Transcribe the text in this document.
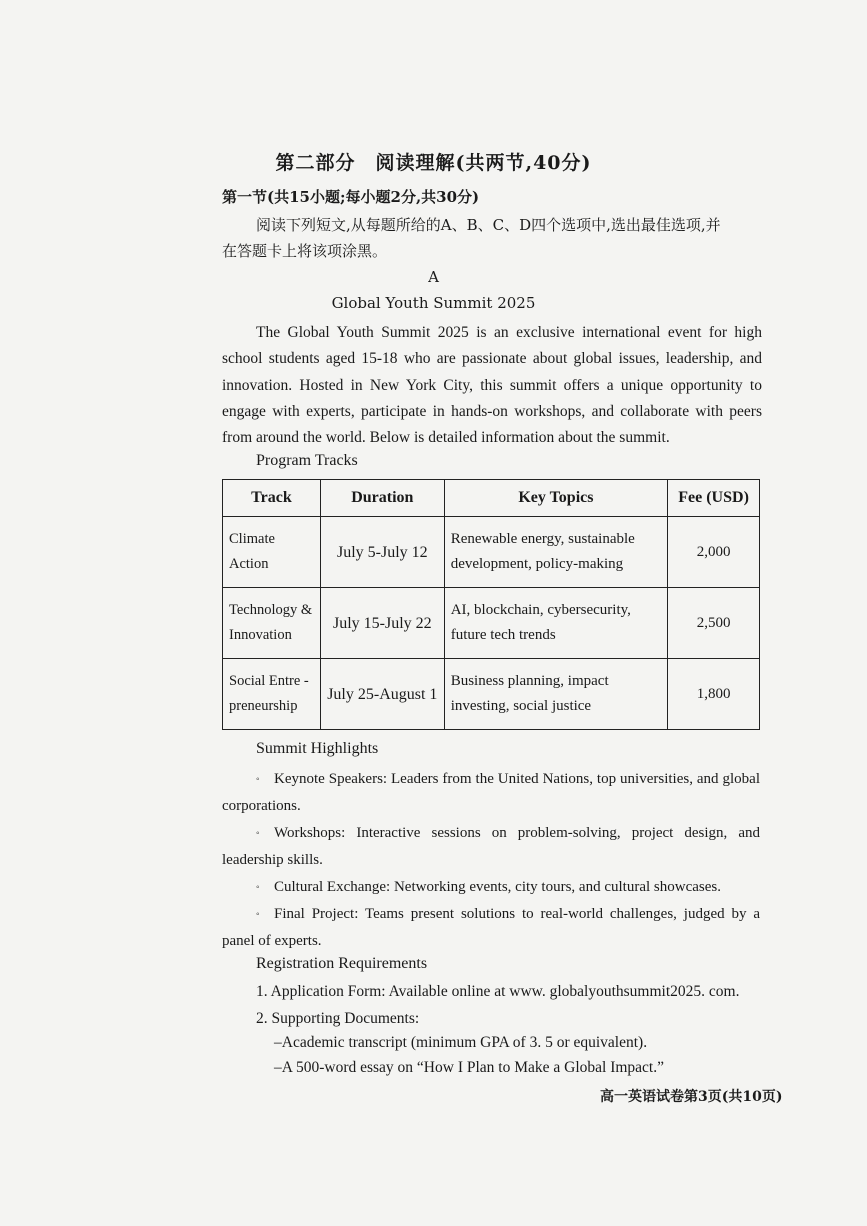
第二部分　阅读理解(共两节,40分)
第一节(共15小题;每小题2分,共30分)
阅读下列短文,从每题所给的A、B、C、D四个选项中,选出最佳选项,并
在答题卡上将该项涂黑。
A
Global Youth Summit 2025
The Global Youth Summit 2025 is an exclusive international event for high school students aged 15-18 who are passionate about global issues, leadership, and innovation. Hosted in New York City, this summit offers a unique opportunity to engage with experts, participate in hands-on workshops, and collaborate with peers from around the world. Below is detailed information about the summit.
Program Tracks
Track	Duration	Key Topics	Fee (USD)
Climate Action	July 5-July 12	Renewable energy, sustainable development, policy-making	2,000
Technology & Innovation	July 15-July 22	AI, blockchain, cybersecurity, future tech trends	2,500
Social Entre -preneurship	July 25-August 1	Business planning, impact investing, social justice	1,800
Summit Highlights
◦ Keynote Speakers: Leaders from the United Nations, top universities, and global corporations.
◦ Workshops: Interactive sessions on problem-solving, project design, and leadership skills.
◦ Cultural Exchange: Networking events, city tours, and cultural showcases.
◦ Final Project: Teams present solutions to real-world challenges, judged by a panel of experts.
Registration Requirements
1. Application Form: Available online at www. globalyouthsummit2025. com.
2. Supporting Documents:
–Academic transcript (minimum GPA of 3. 5 or equivalent).
–A 500-word essay on “How I Plan to Make a Global Impact.”
高一英语试卷第3页(共10页)
